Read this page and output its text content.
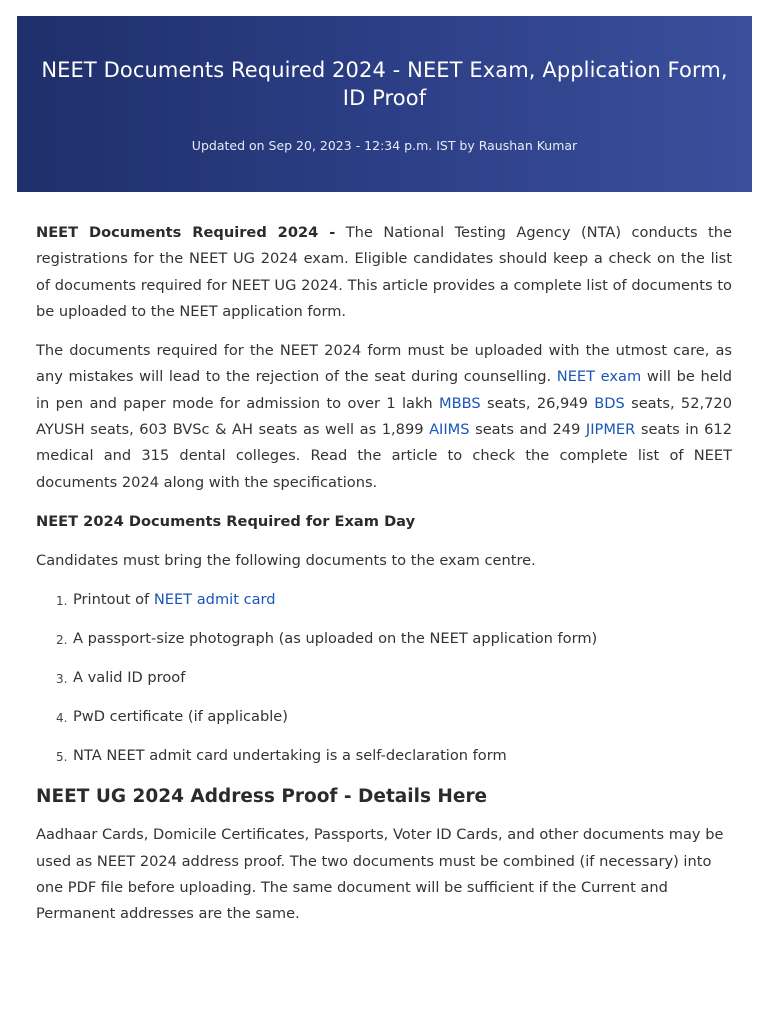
NEET Documents Required 2024 - NEET Exam, Application Form, ID Proof
Updated on Sep 20, 2023 - 12:34 p.m. IST by Raushan Kumar

NEET Documents Required 2024 - The National Testing Agency (NTA) conducts the registrations for the NEET UG 2024 exam. Eligible candidates should keep a check on the list of documents required for NEET UG 2024. This article provides a complete list of documents to be uploaded to the NEET application form.

The documents required for the NEET 2024 form must be uploaded with the utmost care, as any mistakes will lead to the rejection of the seat during counselling. NEET exam will be held in pen and paper mode for admission to over 1 lakh MBBS seats, 26,949 BDS seats, 52,720 AYUSH seats, 603 BVSc & AH seats as well as 1,899 AIIMS seats and 249 JIPMER seats in 612 medical and 315 dental colleges. Read the article to check the complete list of NEET documents 2024 along with the specifications.

NEET 2024 Documents Required for Exam Day

Candidates must bring the following documents to the exam centre.

1. Printout of NEET admit card
2. A passport-size photograph (as uploaded on the NEET application form)
3. A valid ID proof
4. PwD certificate (if applicable)
5. NTA NEET admit card undertaking is a self-declaration form
NEET UG 2024 Address Proof - Details Here

Aadhaar Cards, Domicile Certificates, Passports, Voter ID Cards, and other documents may be used as NEET 2024 address proof. The two documents must be combined (if necessary) into one PDF file before uploading. The same document will be sufficient if the Current and Permanent addresses are the same.
